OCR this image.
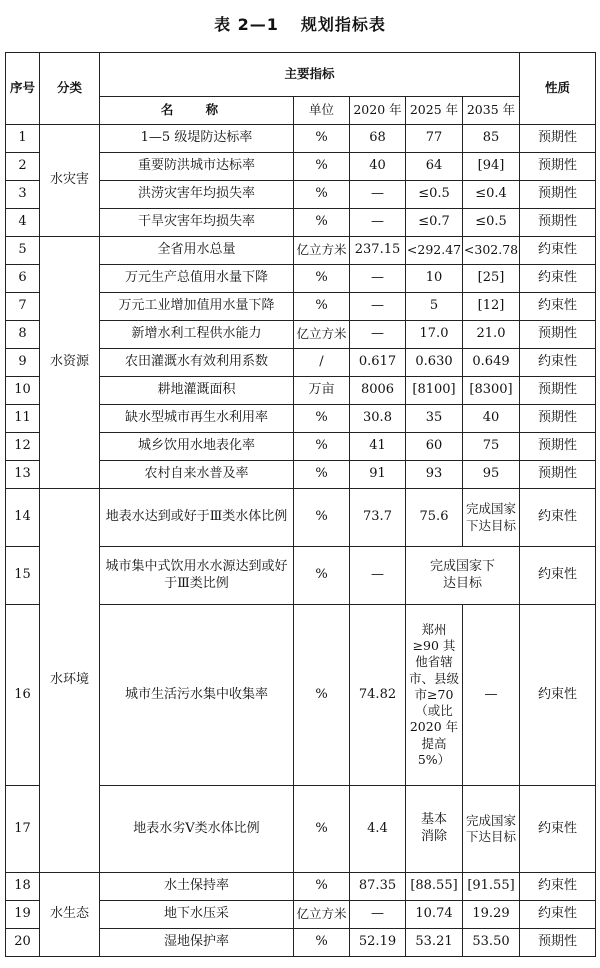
表 2—1 规划指标表
序号	分类	主要指标					性质
		名 称	单位	2020 年	2025 年	2035 年	
1	水灾害	1—5 级堤防达标率	%	68	77	85	预期性
2		重要防洪城市达标率	%	40	64	[94]	预期性
3		洪涝灾害年均损失率	%	—	≤0.5	≤0.4	预期性
4		干旱灾害年均损失率	%	—	≤0.7	≤0.5	预期性
5	水资源	全省用水总量	亿立方米	237.15	<292.47	<302.78	约束性
6		万元生产总值用水量下降	%	—	10	[25]	约束性
7		万元工业增加值用水量下降	%	—	5	[12]	约束性
8		新增水利工程供水能力	亿立方米	—	17.0	21.0	预期性
9		农田灌溉水有效利用系数	/	0.617	0.630	0.649	约束性
10		耕地灌溉面积	万亩	8006	[8100]	[8300]	预期性
11		缺水型城市再生水利用率	%	30.8	35	40	预期性
12		城乡饮用水地表化率	%	41	60	75	预期性
13		农村自来水普及率	%	91	93	95	预期性
14	水环境	地表水达到或好于Ⅲ类水体比例	%	73.7	75.6	完成国家下达目标	约束性
15		城市集中式饮用水水源达到或好于Ⅲ类比例	%	—	完成国家下达目标		约束性
16		城市生活污水集中收集率	%	74.82	郑州≥90 其他省辖市、县级市≥70（或比 2020 年提高 5%）	—	约束性
17		地表水劣Ⅴ类水体比例	%	4.4	基本消除	完成国家下达目标	约束性
18	水生态	水土保持率	%	87.35	[88.55]	[91.55]	约束性
19		地下水压采	亿立方米	—	10.74	19.29	约束性
20		湿地保护率	%	52.19	53.21	53.50	预期性
